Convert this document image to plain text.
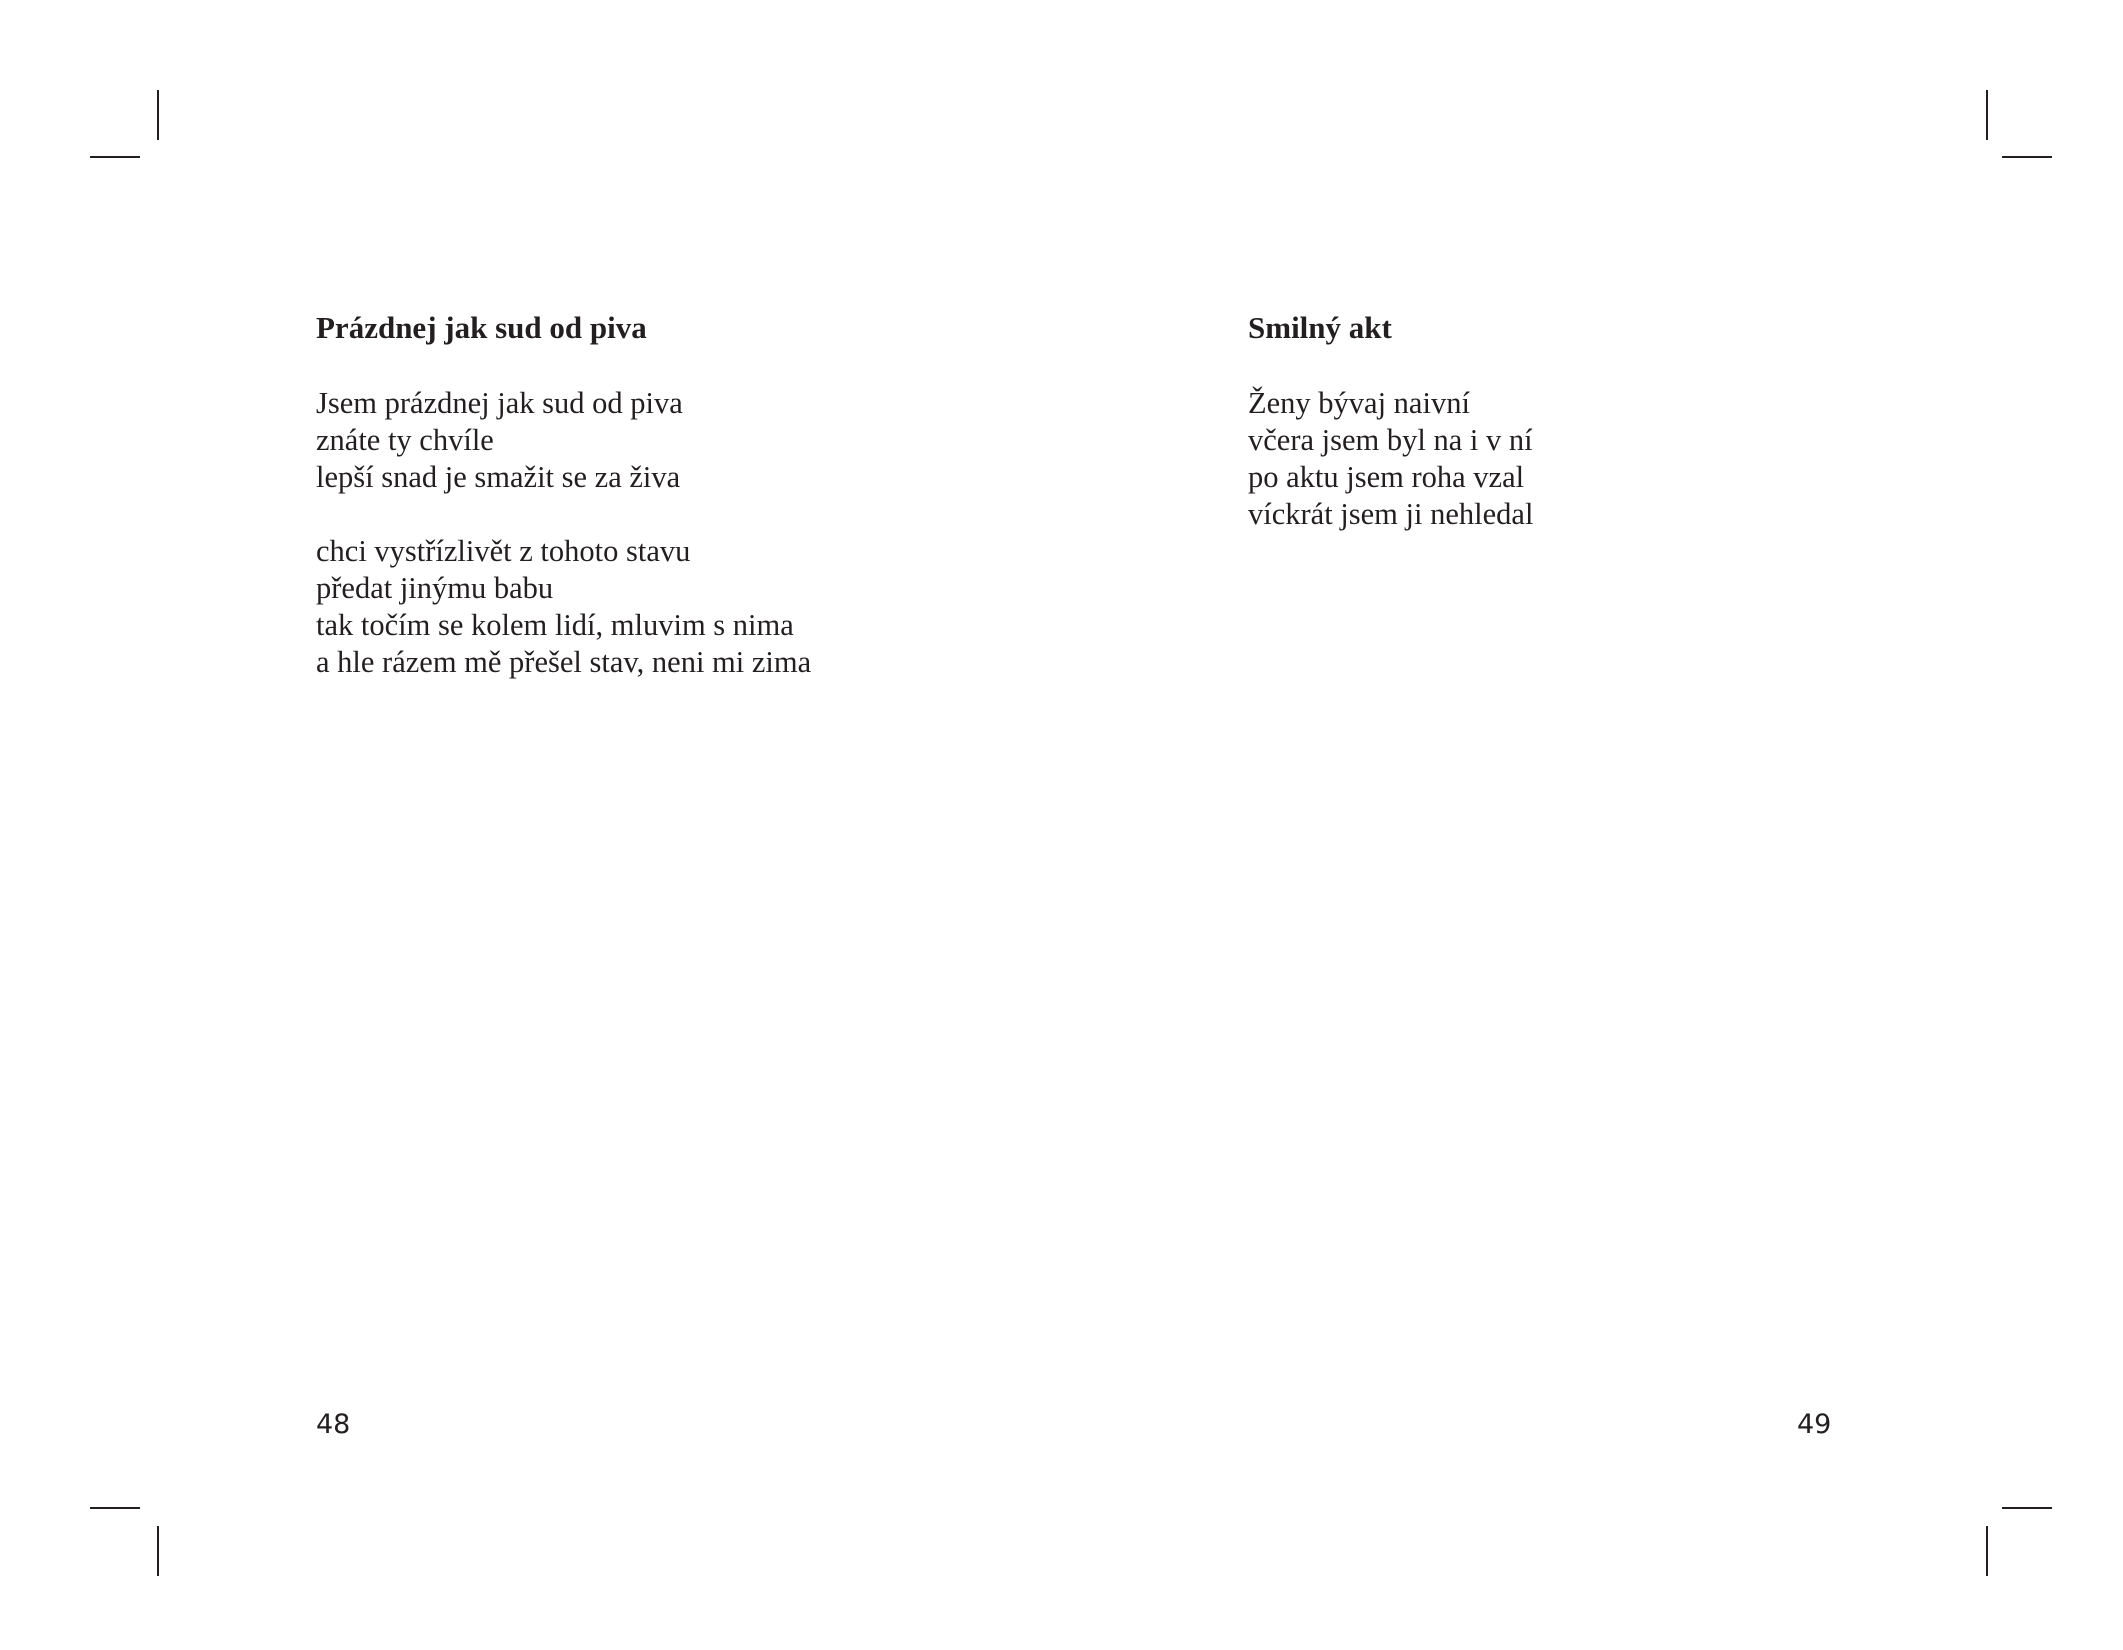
Prázdnej jak sud od piva

Jsem prázdnej jak sud od piva
znáte ty chvíle
lepší snad je smažit se za živa

chci vystřízlivět z tohoto stavu
předat jinýmu babu
tak točím se kolem lidí, mluvim s nima
a hle rázem mě přešel stav, neni mi zima

Smilný akt

Ženy bývaj naivní
včera jsem byl na i v ní
po aktu jsem roha vzal
víckrát jsem ji nehledal

48	49
